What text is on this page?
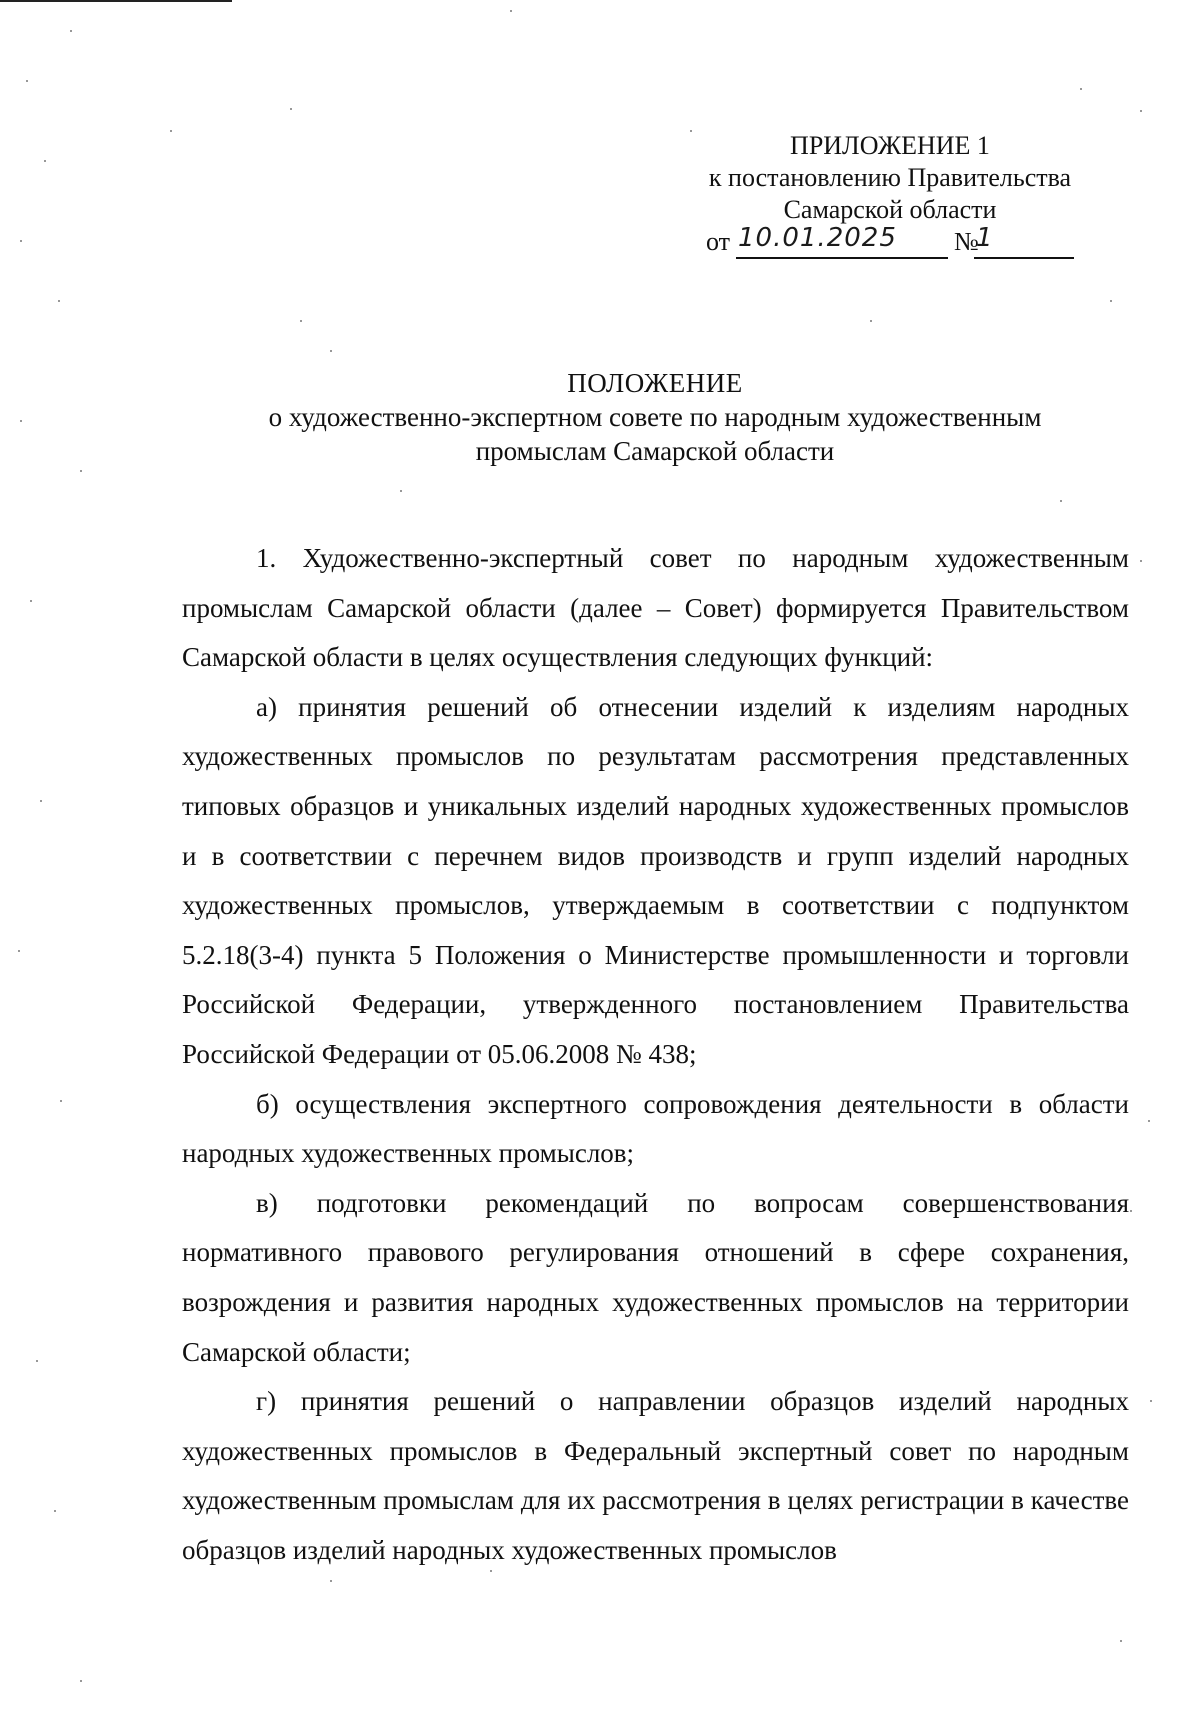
ПРИЛОЖЕНИЕ 1
к постановлению Правительства
Самарской области
от 10.01.2025 №
1
ПОЛОЖЕНИЕ
о художественно-экспертном совете по народным художественным
промыслам Самарской области

1. Художественно-экспертный совет по народным художественным промыслам Самарской области (далее – Совет) формируется Правительством Самарской области в целях осуществления следующих функций:

а) принятия решений об отнесении изделий к изделиям народных художественных промыслов по результатам рассмотрения представленных типовых образцов и уникальных изделий народных художественных промыслов и в соответствии с перечнем видов производств и групп изделий народных художественных промыслов, утверждаемым в соответствии с подпунктом 5.2.18(3-4) пункта 5 Положения о Министерстве промышленности и торговли Российской Федерации, утвержденного постановлением Правительства Российской Федерации от 05.06.2008 № 438;

б) осуществления экспертного сопровождения деятельности в области народных художественных промыслов;

в) подготовки рекомендаций по вопросам совершенствования нормативного правового регулирования отношений в сфере сохранения, возрождения и развития народных художественных промыслов на территории Самарской области;

г) принятия решений о направлении образцов изделий народных художественных промыслов в Федеральный экспертный совет по народным художественным промыслам для их рассмотрения в целях регистрации в качестве образцов изделий народных художественных промыслов
